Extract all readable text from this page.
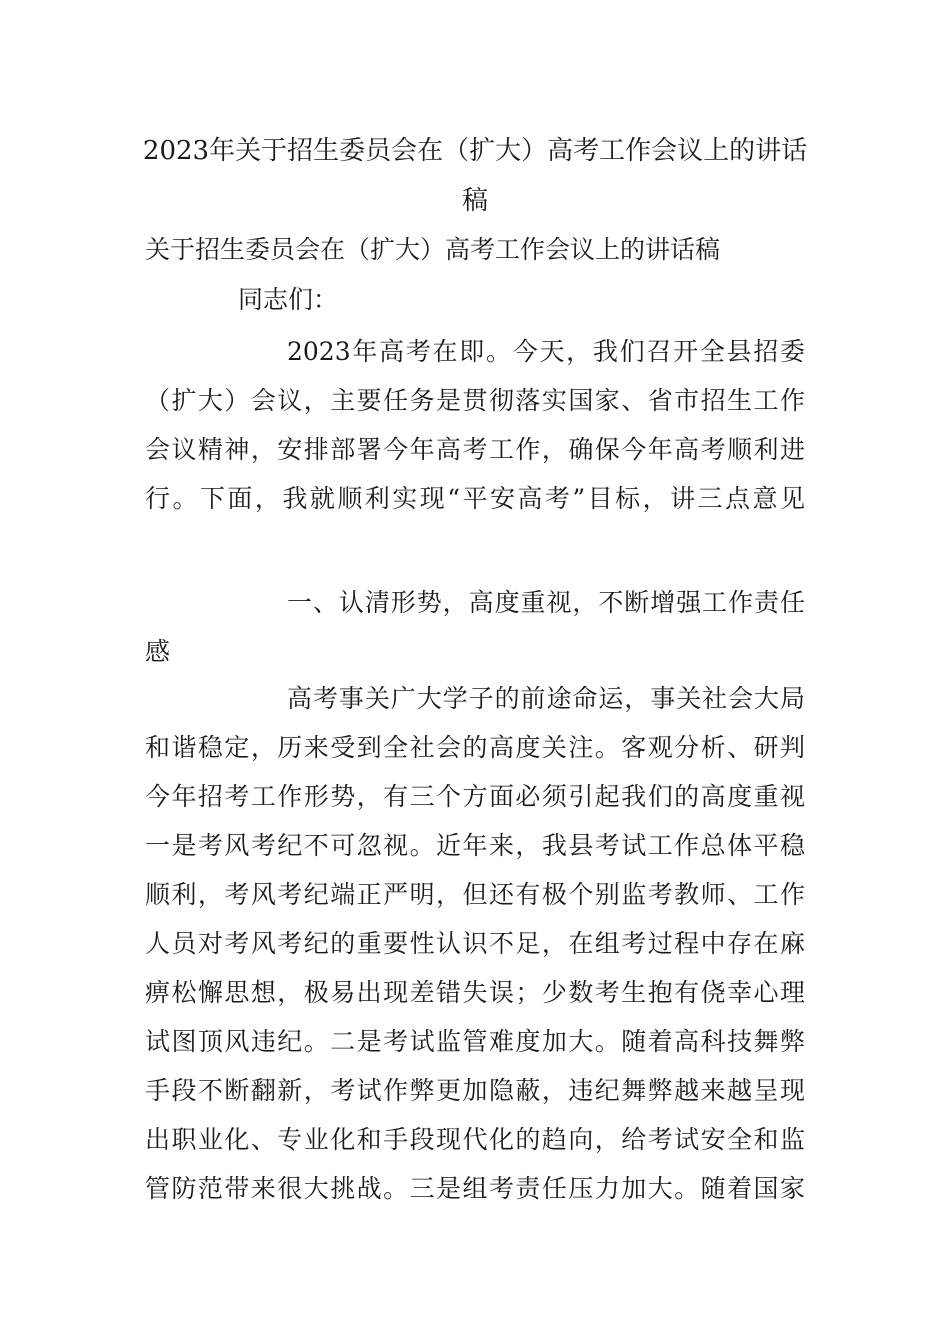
2023年关于招生委员会在（扩大）高考工作会议上的讲话
稿
关于招生委员会在（扩大）高考工作会议上的讲话稿
同志们：
2023年高考在即。今天，我们召开全县招委
（扩大）会议，主要任务是贯彻落实国家、省市招生工作
会议精神，安排部署今年高考工作，确保今年高考顺利进
行。下面，我就顺利实现“平安高考”目标，讲三点意见
一、认清形势，高度重视，不断增强工作责任
感
高考事关广大学子的前途命运，事关社会大局
和谐稳定，历来受到全社会的高度关注。客观分析、研判
今年招考工作形势，有三个方面必须引起我们的高度重视
一是考风考纪不可忽视。近年来，我县考试工作总体平稳
顺利，考风考纪端正严明，但还有极个别监考教师、工作
人员对考风考纪的重要性认识不足，在组考过程中存在麻
痹松懈思想，极易出现差错失误；少数考生抱有侥幸心理
试图顶风违纪。二是考试监管难度加大。随着高科技舞弊
手段不断翻新，考试作弊更加隐蔽，违纪舞弊越来越呈现
出职业化、专业化和手段现代化的趋向，给考试安全和监
管防范带来很大挑战。三是组考责任压力加大。随着国家
